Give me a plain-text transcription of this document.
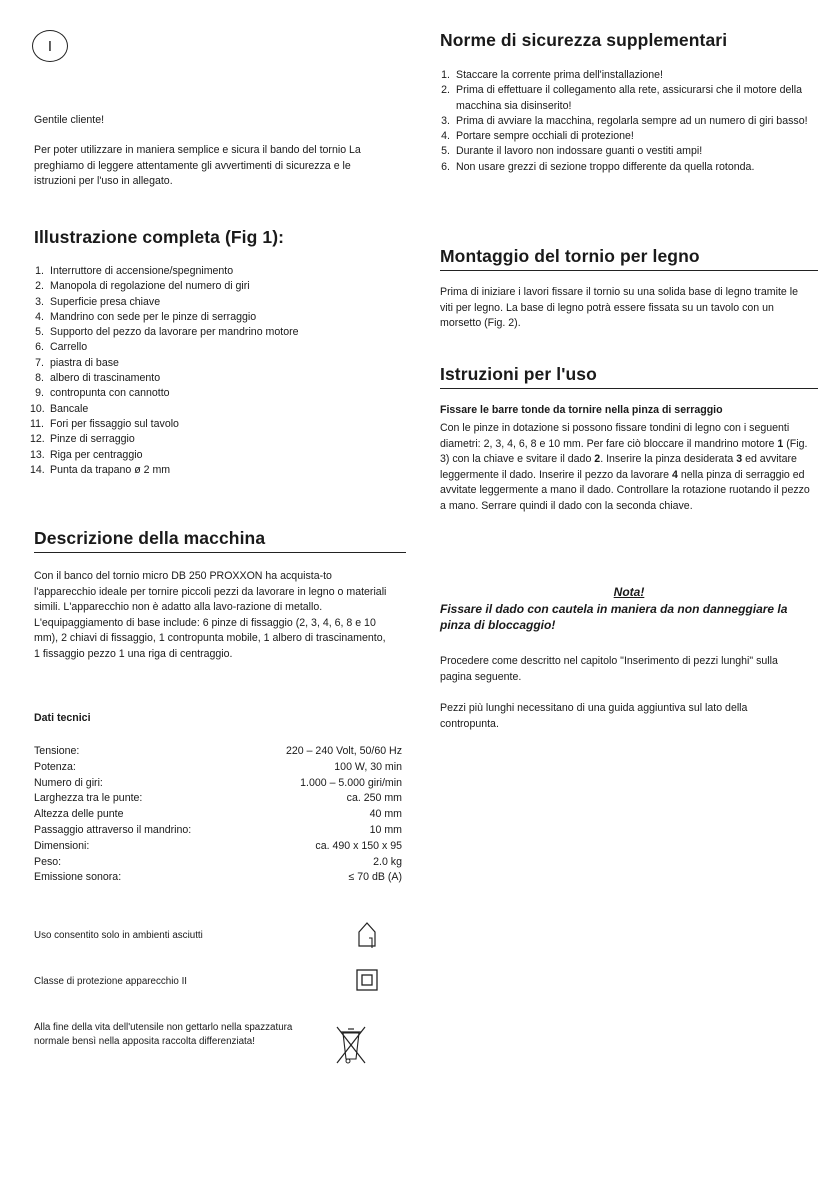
I

Gentile cliente!

Per poter utilizzare in maniera semplice e sicura il bando del tornio La preghiamo di leggere attentamente gli avvertimenti di sicurezza e le istruzioni per l'uso in allegato.

Illustrazione completa (Fig 1):
1. Interruttore di accensione/spegnimento
2. Manopola di regolazione del numero di giri
3. Superficie presa chiave
4. Mandrino con sede per le pinze di serraggio
5. Supporto del pezzo da lavorare per mandrino motore
6. Carrello
7. piastra di base
8. albero di trascinamento
9. contropunta con cannotto
10. Bancale
11. Fori per fissaggio sul tavolo
12. Pinze di serraggio
13. Riga per centraggio
14. Punta da trapano ø 2 mm
Descrizione della macchina

Con il banco del tornio micro DB 250 PROXXON ha acquista-to l'apparecchio ideale per tornire piccoli pezzi da lavorare in legno o materiali simili. L'apparecchio non è adatto alla lavo-razione di metallo. L'equipaggiamento di base include: 6 pinze di fissaggio (2, 3, 4, 6, 8 e 10 mm), 2 chiavi di fissaggio, 1 contropunta mobile, 1 albero di trascinamento, 1 fissaggio pezzo 1 una riga di centraggio.

Dati tecnici

Tensione:	220 – 240 Volt, 50/60 Hz
Potenza:	100 W, 30 min
Numero di giri:	1.000 – 5.000 giri/min
Larghezza tra le punte:	ca. 250 mm
Altezza delle punte	40 mm
Passaggio attraverso il mandrino:	10 mm
Dimensioni:	ca. 490 x 150 x 95
Peso:	2.0 kg
Emissione sonora:	≤ 70 dB (A)
Uso consentito solo in ambienti asciutti
Classe di protezione apparecchio II
Alla fine della vita dell'utensile non gettarlo nella spazzatura normale bensì nella apposita raccolta differenziata!
Norme di sicurezza supplementari
1. Staccare la corrente prima dell'installazione!
2. Prima di effettuare il collegamento alla rete, assicurarsi che il motore della macchina sia disinserito!
3. Prima di avviare la macchina, regolarla sempre ad un numero di giri basso!
4. Portare sempre occhiali di protezione!
5. Durante il lavoro non indossare guanti o vestiti ampi!
6. Non usare grezzi di sezione troppo differente da quella rotonda.
Montaggio del tornio per legno

Prima di iniziare i lavori fissare il tornio su una solida base di legno tramite le viti per legno. La base di legno potrà essere fissata su un tavolo con un morsetto (Fig. 2).

Istruzioni per l'uso

Fissare le barre tonde da tornire nella pinza di serraggio

Con le pinze in dotazione si possono fissare tondini di legno con i seguenti diametri: 2, 3, 4, 6, 8 e 10 mm. Per fare ciò bloccare il mandrino motore 1 (Fig. 3) con la chiave e svitare il dado 2. Inserire la pinza desiderata 3 ed avvitare leggermente il dado. Inserire il pezzo da lavorare 4 nella pinza di serraggio ed avvitate leggermente a mano il dado. Controllare la rotazione ruotando il pezzo a mano. Serrare quindi il dado con la seconda chiave.

Nota!

Fissare il dado con cautela in maniera da non danneggiare la pinza di bloccaggio!

Procedere come descritto nel capitolo "Inserimento di pezzi lunghi" sulla pagina seguente.

Pezzi più lunghi necessitano di una guida aggiuntiva sul lato della contropunta.
